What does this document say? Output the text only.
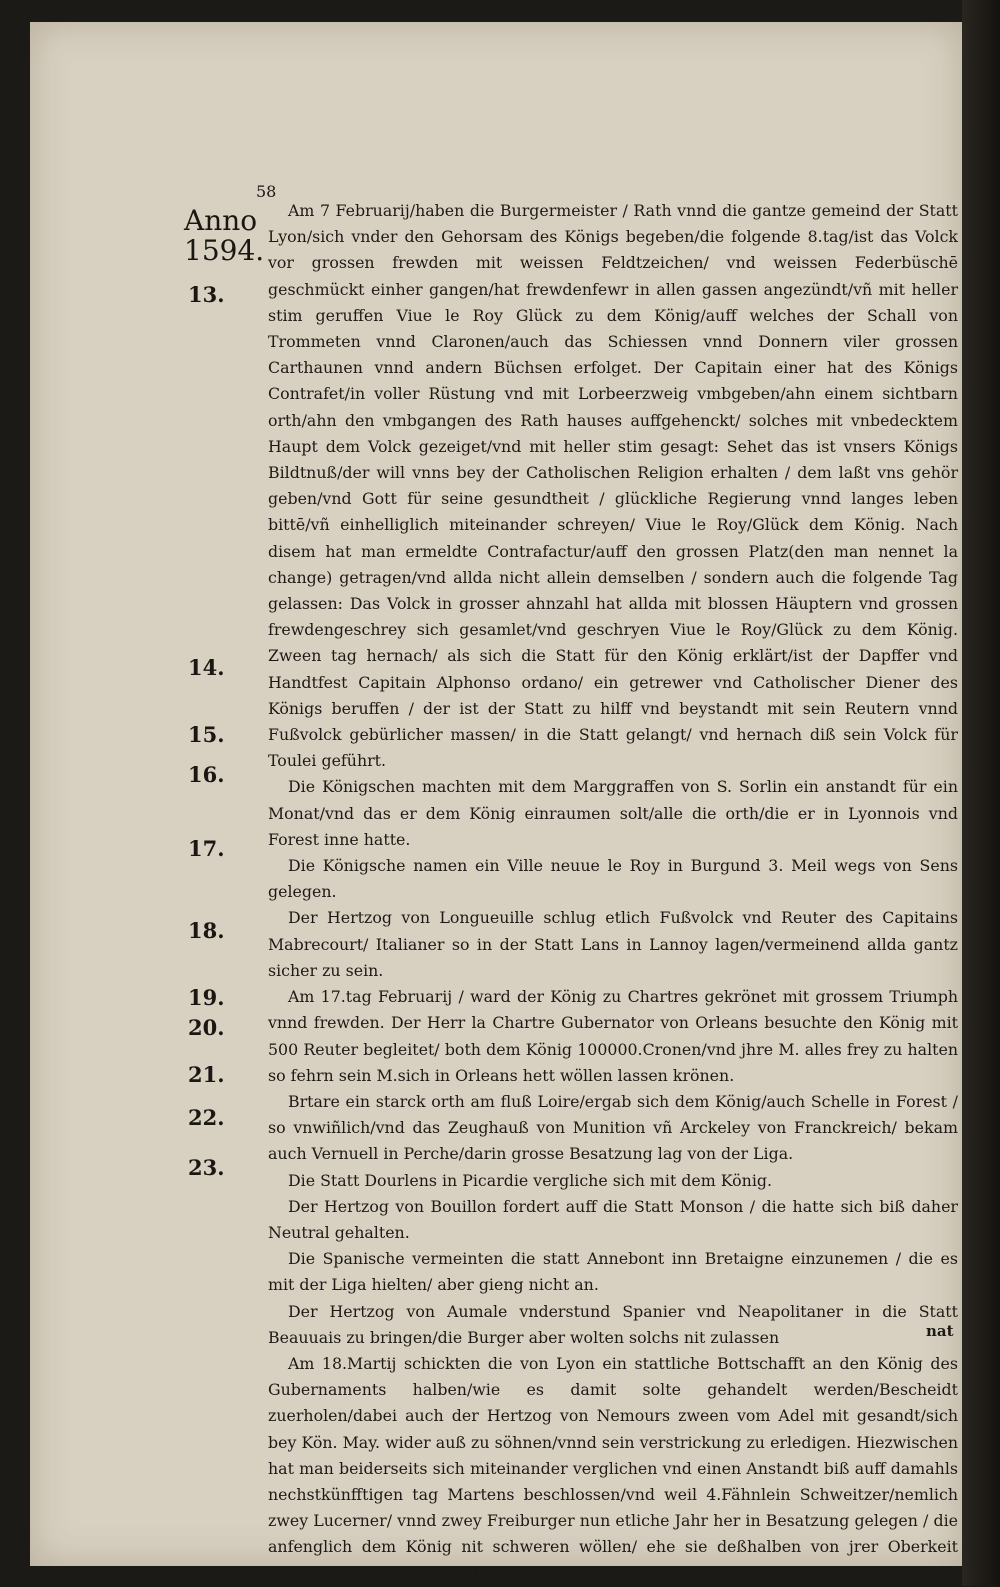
58
Anno
1594.
13.
14.
15.
16.
17.
18.
19.
20.
21.
22.
23.

Am 7 Februarij/haben die Burgermeister / Rath vnnd die gantze gemeind der Statt Lyon/sich vnder den Gehorsam des Königs begeben/die folgende 8.tag/ist das Volck vor grossen frewden mit weissen Feldtzeichen/ vnd weissen Federbüschē geschmückt einher gangen/hat frewdenfewr in allen gassen angezündt/vñ mit heller stim geruffen Viue le Roy Glück zu dem König/auff welches der Schall von Trommeten vnnd Claronen/auch das Schiessen vnnd Donnern viler grossen Carthaunen vnnd andern Büchsen erfolget. Der Capitain einer hat des Königs Contrafet/in voller Rüstung vnd mit Lorbeerzweig vmbgeben/ahn einem sichtbarn orth/ahn den vmbgangen des Rath hauses auffgehenckt/ solches mit vnbedecktem Haupt dem Volck gezeiget/vnd mit heller stim gesagt: Sehet das ist vnsers Königs Bildtnuß/der will vnns bey der Catholischen Religion erhalten / dem laßt vns gehör geben/vnd Gott für seine gesundtheit / glückliche Regierung vnnd langes leben bittē/vñ einhelliglich miteinander schreyen/ Viue le Roy/Glück dem König. Nach disem hat man ermeldte Contrafactur/auff den grossen Platz(den man nennet la change) getragen/vnd allda nicht allein demselben / sondern auch die folgende Tag gelassen: Das Volck in grosser ahnzahl hat allda mit blossen Häuptern vnd grossen frewdengeschrey sich gesamlet/vnd geschryen Viue le Roy/Glück zu dem König. Zween tag hernach/ als sich die Statt für den König erklärt/ist der Dapffer vnd Handtfest Capitain Alphonso ordano/ ein getrewer vnd Catholischer Diener des Königs beruffen / der ist der Statt zu hilff vnd beystandt mit sein Reutern vnnd Fußvolck gebürlicher massen/ in die Statt gelangt/ vnd hernach diß sein Volck für Toulei geführt.

Die Königschen machten mit dem Marggraffen von S. Sorlin ein anstandt für ein Monat/vnd das er dem König einraumen solt/alle die orth/die er in Lyonnois vnd Forest inne hatte.

Die Königsche namen ein Ville neuue le Roy in Burgund 3. Meil wegs von Sens gelegen.

Der Hertzog von Longueuille schlug etlich Fußvolck vnd Reuter des Capitains Mabrecourt/ Italianer so in der Statt Lans in Lannoy lagen/vermeinend allda gantz sicher zu sein.

Am 17.tag Februarij / ward der König zu Chartres gekrönet mit grossem Triumph vnnd frewden. Der Herr la Chartre Gubernator von Orleans besuchte den König mit 500 Reuter begleitet/ both dem König 100000.Cronen/vnd jhre M. alles frey zu halten so fehrn sein M.sich in Orleans hett wöllen lassen krönen.

Brtare ein starck orth am fluß Loire/ergab sich dem König/auch Schelle in Forest / so vnwiñlich/vnd das Zeughauß von Munition vñ Arckeley von Franckreich/ bekam auch Vernuell in Perche/darin grosse Besatzung lag von der Liga.

Die Statt Dourlens in Picardie vergliche sich mit dem König.

Der Hertzog von Bouillon fordert auff die Statt Monson / die hatte sich biß daher Neutral gehalten.

Die Spanische vermeinten die statt Annebont inn Bretaigne einzunemen / die es mit der Liga hielten/ aber gieng nicht an.

Der Hertzog von Aumale vnderstund Spanier vnd Neapolitaner in die Statt Beauuais zu bringen/die Burger aber wolten solchs nit zulassen

Am 18.Martij schickten die von Lyon ein stattliche Bottschafft an den König des Gubernaments halben/wie es damit solte gehandelt werden/Bescheidt zuerholen/dabei auch der Hertzog von Nemours zween vom Adel mit gesandt/sich bey Kön. May. wider auß zu söhnen/vnnd sein verstrickung zu erledigen. Hiezwischen hat man beiderseits sich miteinander verglichen vnd einen Anstandt biß auff damahls nechstkünfftigen tag Martens beschlossen/vnd weil 4.Fähnlein Schweitzer/nemlich zwey Lucerner/ vnnd zwey Freiburger nun etliche Jahr her in Besatzung gelegen / die anfenglich dem König nit schweren wöllen/ ehe sie deßhalben von jrer Oberkeit erlaubnuß bekommen/ hat jnen die Statt ein Mo

nat
